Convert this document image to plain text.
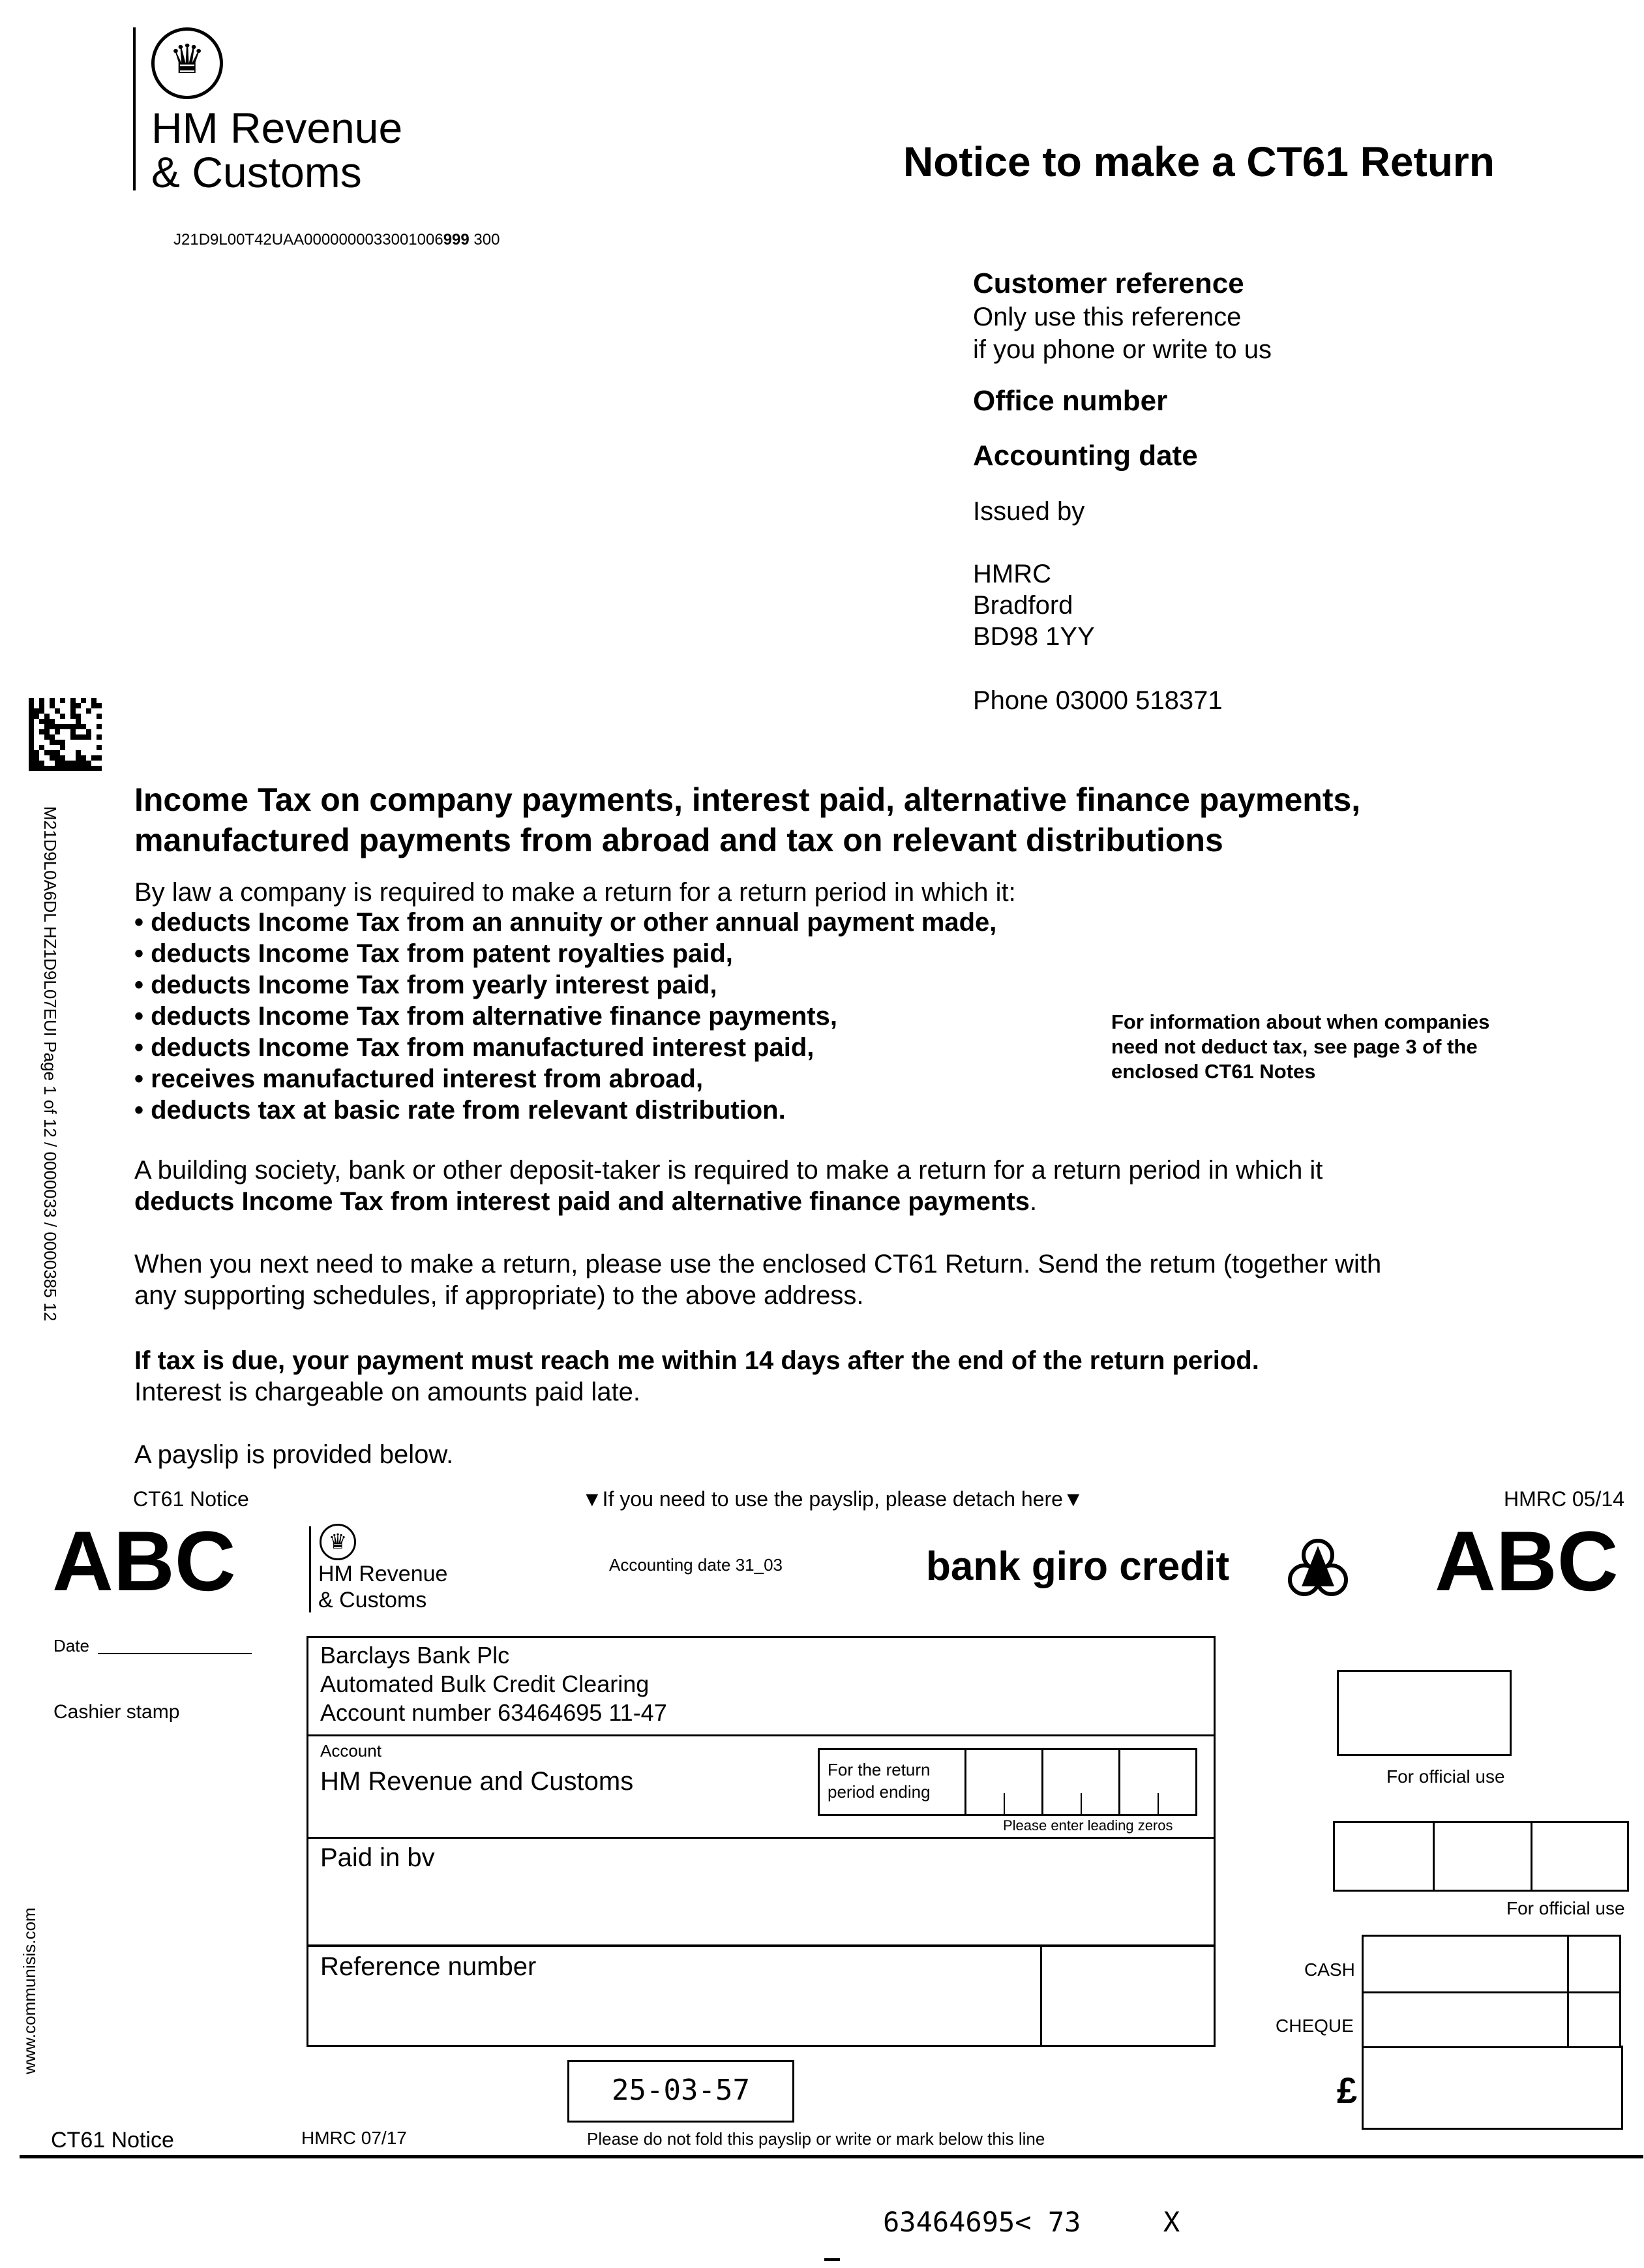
♛
HM Revenue
& Customs
J21D9L00T42UAA0000000033001006999 300
Notice to make a CT61 Return
Customer reference
Only use this reference
if you phone or write to us
Office number
Accounting date
Issued by
HMRC
Bradford
BD98 1YY
Phone 03000 518371
M21D9L0A6DL HZ1D9L07EUI Page 1 of 12 / 0000033 / 0000385 12
www.communisis.com
Income Tax on company payments, interest paid, alternative finance payments,
manufactured payments from abroad and tax on relevant distributions
By law a company is required to make a return for a return period in which it:
• deducts Income Tax from an annuity or other annual payment made,
• deducts Income Tax from patent royalties paid,
• deducts Income Tax from yearly interest paid,
• deducts Income Tax from alternative finance payments,
• deducts Income Tax from manufactured interest paid,
• receives manufactured interest from abroad,
• deducts tax at basic rate from relevant distribution.
For information about when companies
need not deduct tax, see page 3 of the
enclosed CT61 Notes
A building society, bank or other deposit-taker is required to make a return for a return period in which it
deducts Income Tax from interest paid and alternative finance payments.
When you next need to make a return, please use the enclosed CT61 Return. Send the retum (together with
any supporting schedules, if appropriate) to the above address.
If tax is due, your payment must reach me within 14 days after the end of the return period.
Interest is chargeable on amounts paid late.
A payslip is provided below.
CT61 Notice	▼If you need to use the payslip, please detach here▼	HMRC 05/14
ABC	ABC
♛
HM Revenue
& Customs
Accounting date 31_03	bank giro credit
Date
Cashier stamp
Barclays Bank Plc
Automated Bulk Credit Clearing
Account number 63464695 11-47
Account
HM Revenue and Customs	For the return
period ending
Please enter leading zeros
Paid in bv
Reference number
25-03-57
For official use
For official use
CASH
CHEQUE
£
CT61 Notice	HMRC 07/17	Please do not fold this payslip or write or mark below this line
63464695< 73     X
